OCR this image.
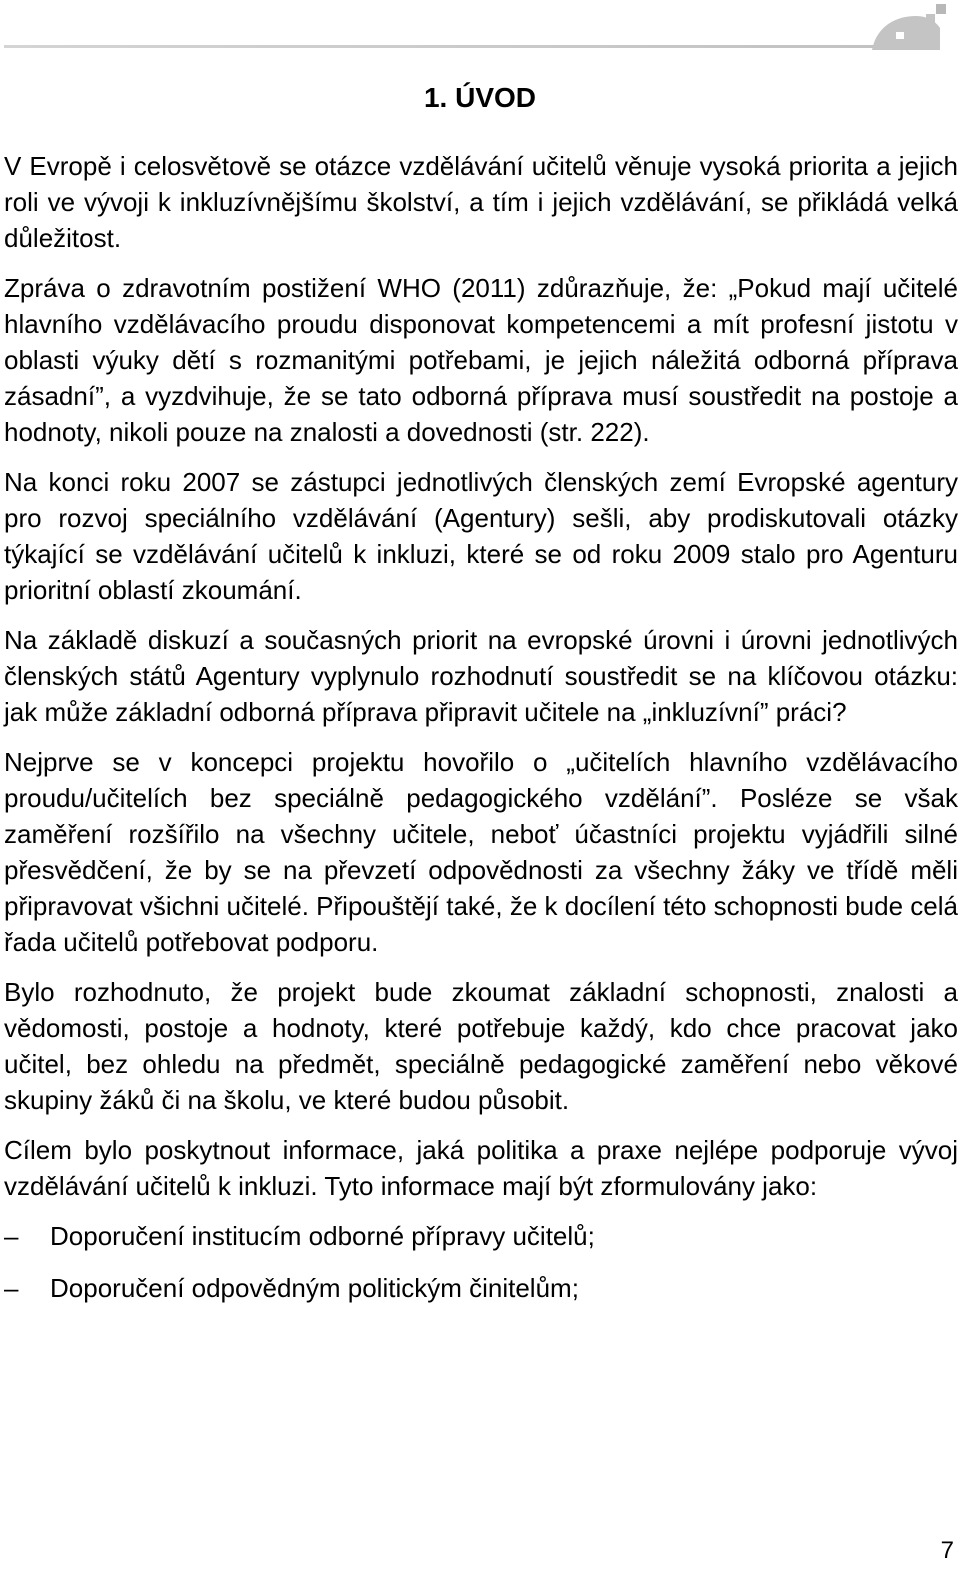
1. ÚVOD

V Evropě i celosvětově se otázce vzdělávání učitelů věnuje vysoká priorita a jejich roli ve vývoji k inkluzívnějšímu školství, a tím i jejich vzdělávání, se přikládá velká důležitost.

Zpráva o zdravotním postižení WHO (2011) zdůrazňuje, že: „Pokud mají učitelé hlavního vzdělávacího proudu disponovat kompetencemi a mít profesní jistotu v oblasti výuky dětí s rozmanitými potřebami, je jejich náležitá odborná příprava zásadní”, a vyzdvihuje, že se tato odborná příprava musí soustředit na postoje a hodnoty, nikoli pouze na znalosti a dovednosti (str. 222).

Na konci roku 2007 se zástupci jednotlivých členských zemí Evropské agentury pro rozvoj speciálního vzdělávání (Agentury) sešli, aby prodiskutovali otázky týkající se vzdělávání učitelů k inkluzi, které se od roku 2009 stalo pro Agenturu prioritní oblastí zkoumání.

Na základě diskuzí a současných priorit na evropské úrovni i úrovni jednotlivých členských států Agentury vyplynulo rozhodnutí soustředit se na klíčovou otázku: jak může základní odborná příprava připravit učitele na „inkluzívní” práci?

Nejprve se v koncepci projektu hovořilo o „učitelích hlavního vzdělávacího proudu/učitelích bez speciálně pedagogického vzdělání”. Posléze se však zaměření rozšířilo na všechny učitele, neboť účastníci projektu vyjádřili silné přesvědčení, že by se na převzetí odpovědnosti za všechny žáky ve třídě měli připravovat všichni učitelé. Připouštějí také, že k docílení této schopnosti bude celá řada učitelů potřebovat podporu.

Bylo rozhodnuto, že projekt bude zkoumat základní schopnosti, znalosti a vědomosti, postoje a hodnoty, které potřebuje každý, kdo chce pracovat jako učitel, bez ohledu na předmět, speciálně pedagogické zaměření nebo věkové skupiny žáků či na školu, ve které budou působit.

Cílem bylo poskytnout informace, jaká politika a praxe nejlépe podporuje vývoj vzdělávání učitelů k inkluzi. Tyto informace mají být zformulovány jako:

–	Doporučení institucím odborné přípravy učitelů;
–	Doporučení odpovědným politickým činitelům;
7
